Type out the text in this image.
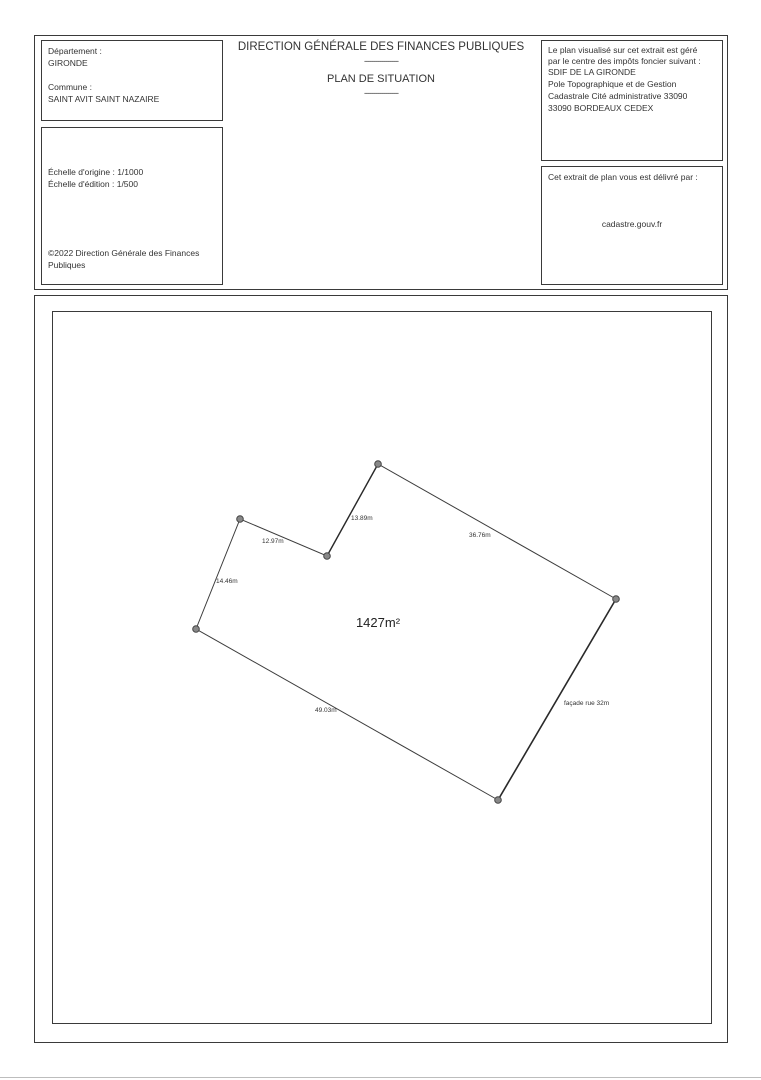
Département :
GIRONDE
Commune :
SAINT AVIT SAINT NAZAIRE
Échelle d'origine : 1/1000
Échelle d'édition : 1/500
©2022 Direction Générale des Finances
Publiques
DIRECTION GÉNÉRALE DES FINANCES PUBLIQUES
-----------------
PLAN DE SITUATION
-----------------
Le plan visualisé sur cet extrait est géré
par le centre des impôts foncier suivant :
SDIF DE LA GIRONDE
Pole Topographique et de Gestion
Cadastrale Cité administrative 33090
33090 BORDEAUX CEDEX
Cet extrait de plan vous est délivré par :
cadastre.gouv.fr
1427m²
14.46m
12.97m
13.89m
36.76m
façade rue 32m
49.03m
